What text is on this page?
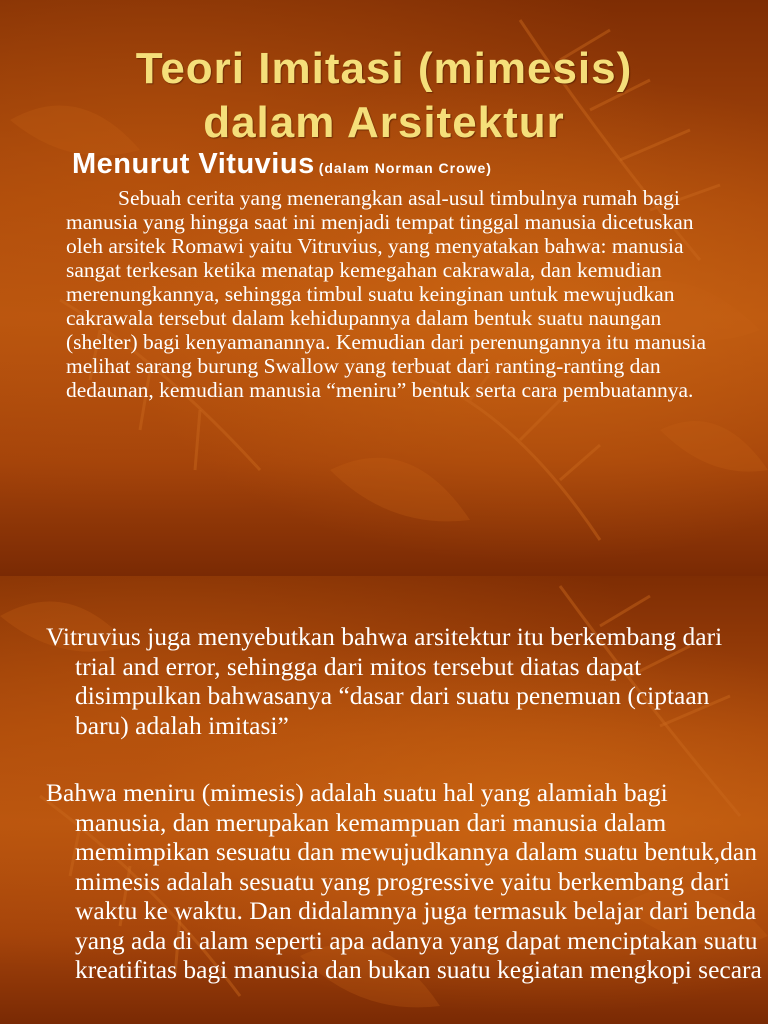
Teori Imitasi (mimesis)
dalam Arsitektur
Menurut Vituvius (dalam Norman Crowe)
Sebuah cerita yang menerangkan asal-usul timbulnya rumah bagi manusia yang hingga saat ini menjadi tempat tinggal manusia dicetuskan oleh arsitek Romawi yaitu Vitruvius, yang menyatakan bahwa: manusia sangat terkesan ketika menatap kemegahan cakrawala, dan kemudian merenungkannya, sehingga timbul suatu keinginan untuk mewujudkan cakrawala tersebut dalam kehidupannya dalam bentuk suatu naungan (shelter) bagi kenyamanannya. Kemudian dari perenungannya itu manusia melihat sarang burung Swallow yang terbuat dari ranting-ranting dan dedaunan, kemudian manusia “meniru” bentuk serta cara pembuatannya.
Vitruvius juga menyebutkan bahwa arsitektur itu berkembang dari trial and error, sehingga dari mitos tersebut diatas dapat disimpulkan bahwasanya “dasar dari suatu penemuan (ciptaan baru) adalah imitasi”
Bahwa meniru (mimesis) adalah suatu hal yang alamiah bagi manusia, dan merupakan kemampuan dari manusia dalam memimpikan sesuatu dan mewujudkannya dalam suatu bentuk,dan mimesis adalah sesuatu yang progressive yaitu berkembang dari waktu ke waktu. Dan didalamnya juga termasuk belajar dari benda yang ada di alam seperti apa adanya yang dapat menciptakan suatu kreatifitas bagi manusia dan bukan suatu kegiatan mengkopi secara
